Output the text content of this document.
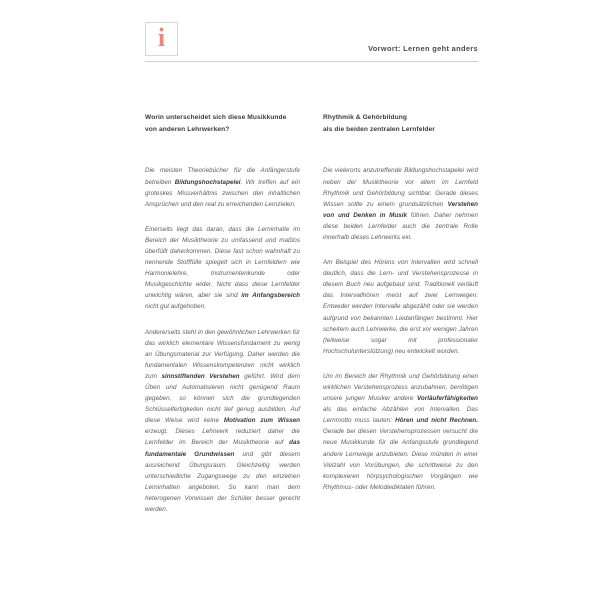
i	Vorwort: Lernen geht anders
Worin unterscheidet sich diese Musikkunde
von anderen Lehrwerken?

Die meisten Theoriebücher für die Anfängerstufe betreiben Bildungshochstapelei. Wir treffen auf ein groteskes Missverhältnis zwischen den inhaltlichen Ansprüchen und den real zu erreichenden Lernzielen.

Einerseits liegt das daran, dass die Lerninhalte im Bereich der Musiktheorie zu umfassend und maßlos überfüllt daherkommen. Diese fast schon wahnhaft zu nennende Stofffülle spiegelt sich in Lernfeldern wie Harmonielehre, Instrumentenkunde oder Musikgeschichte wider. Nicht dass diese Lernfelder unwichtig wären, aber sie sind im Anfangsbereich nicht gut aufgehoben.

Andererseits steht in den gewöhnlichen Lehrwerken für das wirklich elementare Wissensfundament zu wenig an Übungsmaterial zur Verfügung. Daher werden die fundamentalen Wissenskompetenzen nicht wirklich zum sinnstiftenden Verstehen geführt. Wird dem Üben und Automatisieren nicht genügend Raum gegeben, so können sich die grundlegenden Schlüsselfertigkeiten nicht tief genug ausbilden. Auf diese Weise wird keine Motivation zum Wissen erzeugt. Dieses Lehrwerk reduziert daher die Lernfelder im Bereich der Musiktheorie auf das fundamentale Grundwissen und gibt diesem ausreichend Übungsraum. Gleichzeitig werden unterschiedliche Zugangswege zu den einzelnen Lerninhalten angeboten. So kann man dem heterogenen Vorwissen der Schüler besser gerecht werden.

Rhythmik & Gehörbildung
als die beiden zentralen Lernfelder

Die vielerorts anzutreffende Bildungshochstapelei wird neben der Musiktheorie vor allem im Lernfeld Rhythmik und Gehörbildung sichtbar. Gerade dieses Wissen sollte zu einem grundsätzlichen Verstehen von und Denken in Musik führen. Daher nehmen diese beiden Lernfelder auch die zentrale Rolle innerhalb dieses Lehrwerks ein.

Am Beispiel des Hörens von Intervallen wird schnell deutlich, dass die Lern- und Verstehensprozesse in diesem Buch neu aufgebaut sind. Traditionell verläuft das Intervallhören meist auf zwei Lernwegen: Entweder werden Intervalle abgezählt oder sie werden aufgrund von bekannten Liedanfängen bestimmt. Hier scheitern auch Lehrwerke, die erst vor wenigen Jahren (teilweise sogar mit professionaler Hochschulunterstützung) neu entwickelt wurden.

Um im Bereich der Rhythmik und Gehörbildung einen wirklichen Verstehensprozess anzubahnen, benötigen unsere jungen Musiker andere Vorläuferfähigkeiten als das einfache Abzählen von Intervallen. Das Lernmotto muss lauten: Hören und nicht Rechnen. Gerade bei diesen Verstehensprozessen versucht die neue Musikkunde für die Anfangsstufe grundlegend andere Lernwege anzubieten. Diese münden in einer Vielzahl von Vorübungen, die schrittweise zu den komplexeren hörpsychologischen Vorgängen wie Rhythmus- oder Melodiediktaten führen.
